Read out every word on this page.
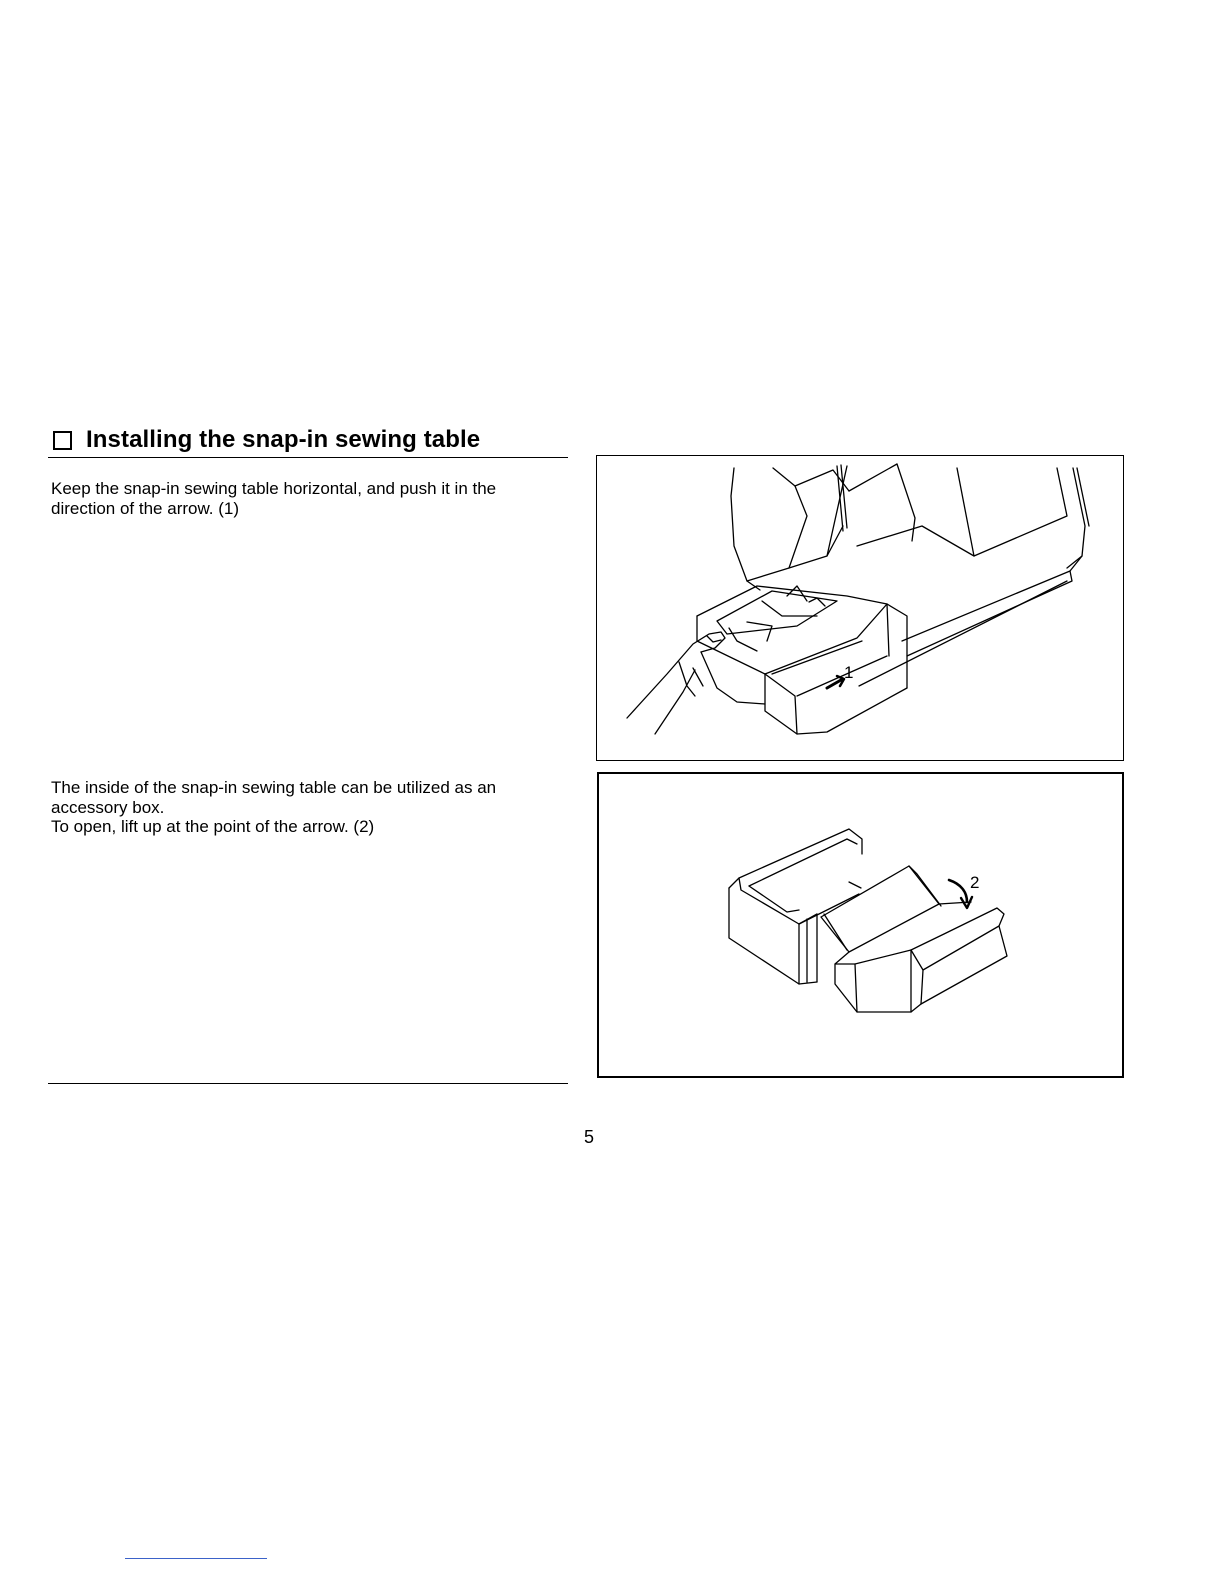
Installing the snap-in sewing table

Keep the snap-in sewing table horizontal, and push it in the
direction of the arrow. (1)

The inside of the snap-in sewing table can be utilized as an
accessory box.
To open, lift up at the point of the arrow. (2)

1
2
5
